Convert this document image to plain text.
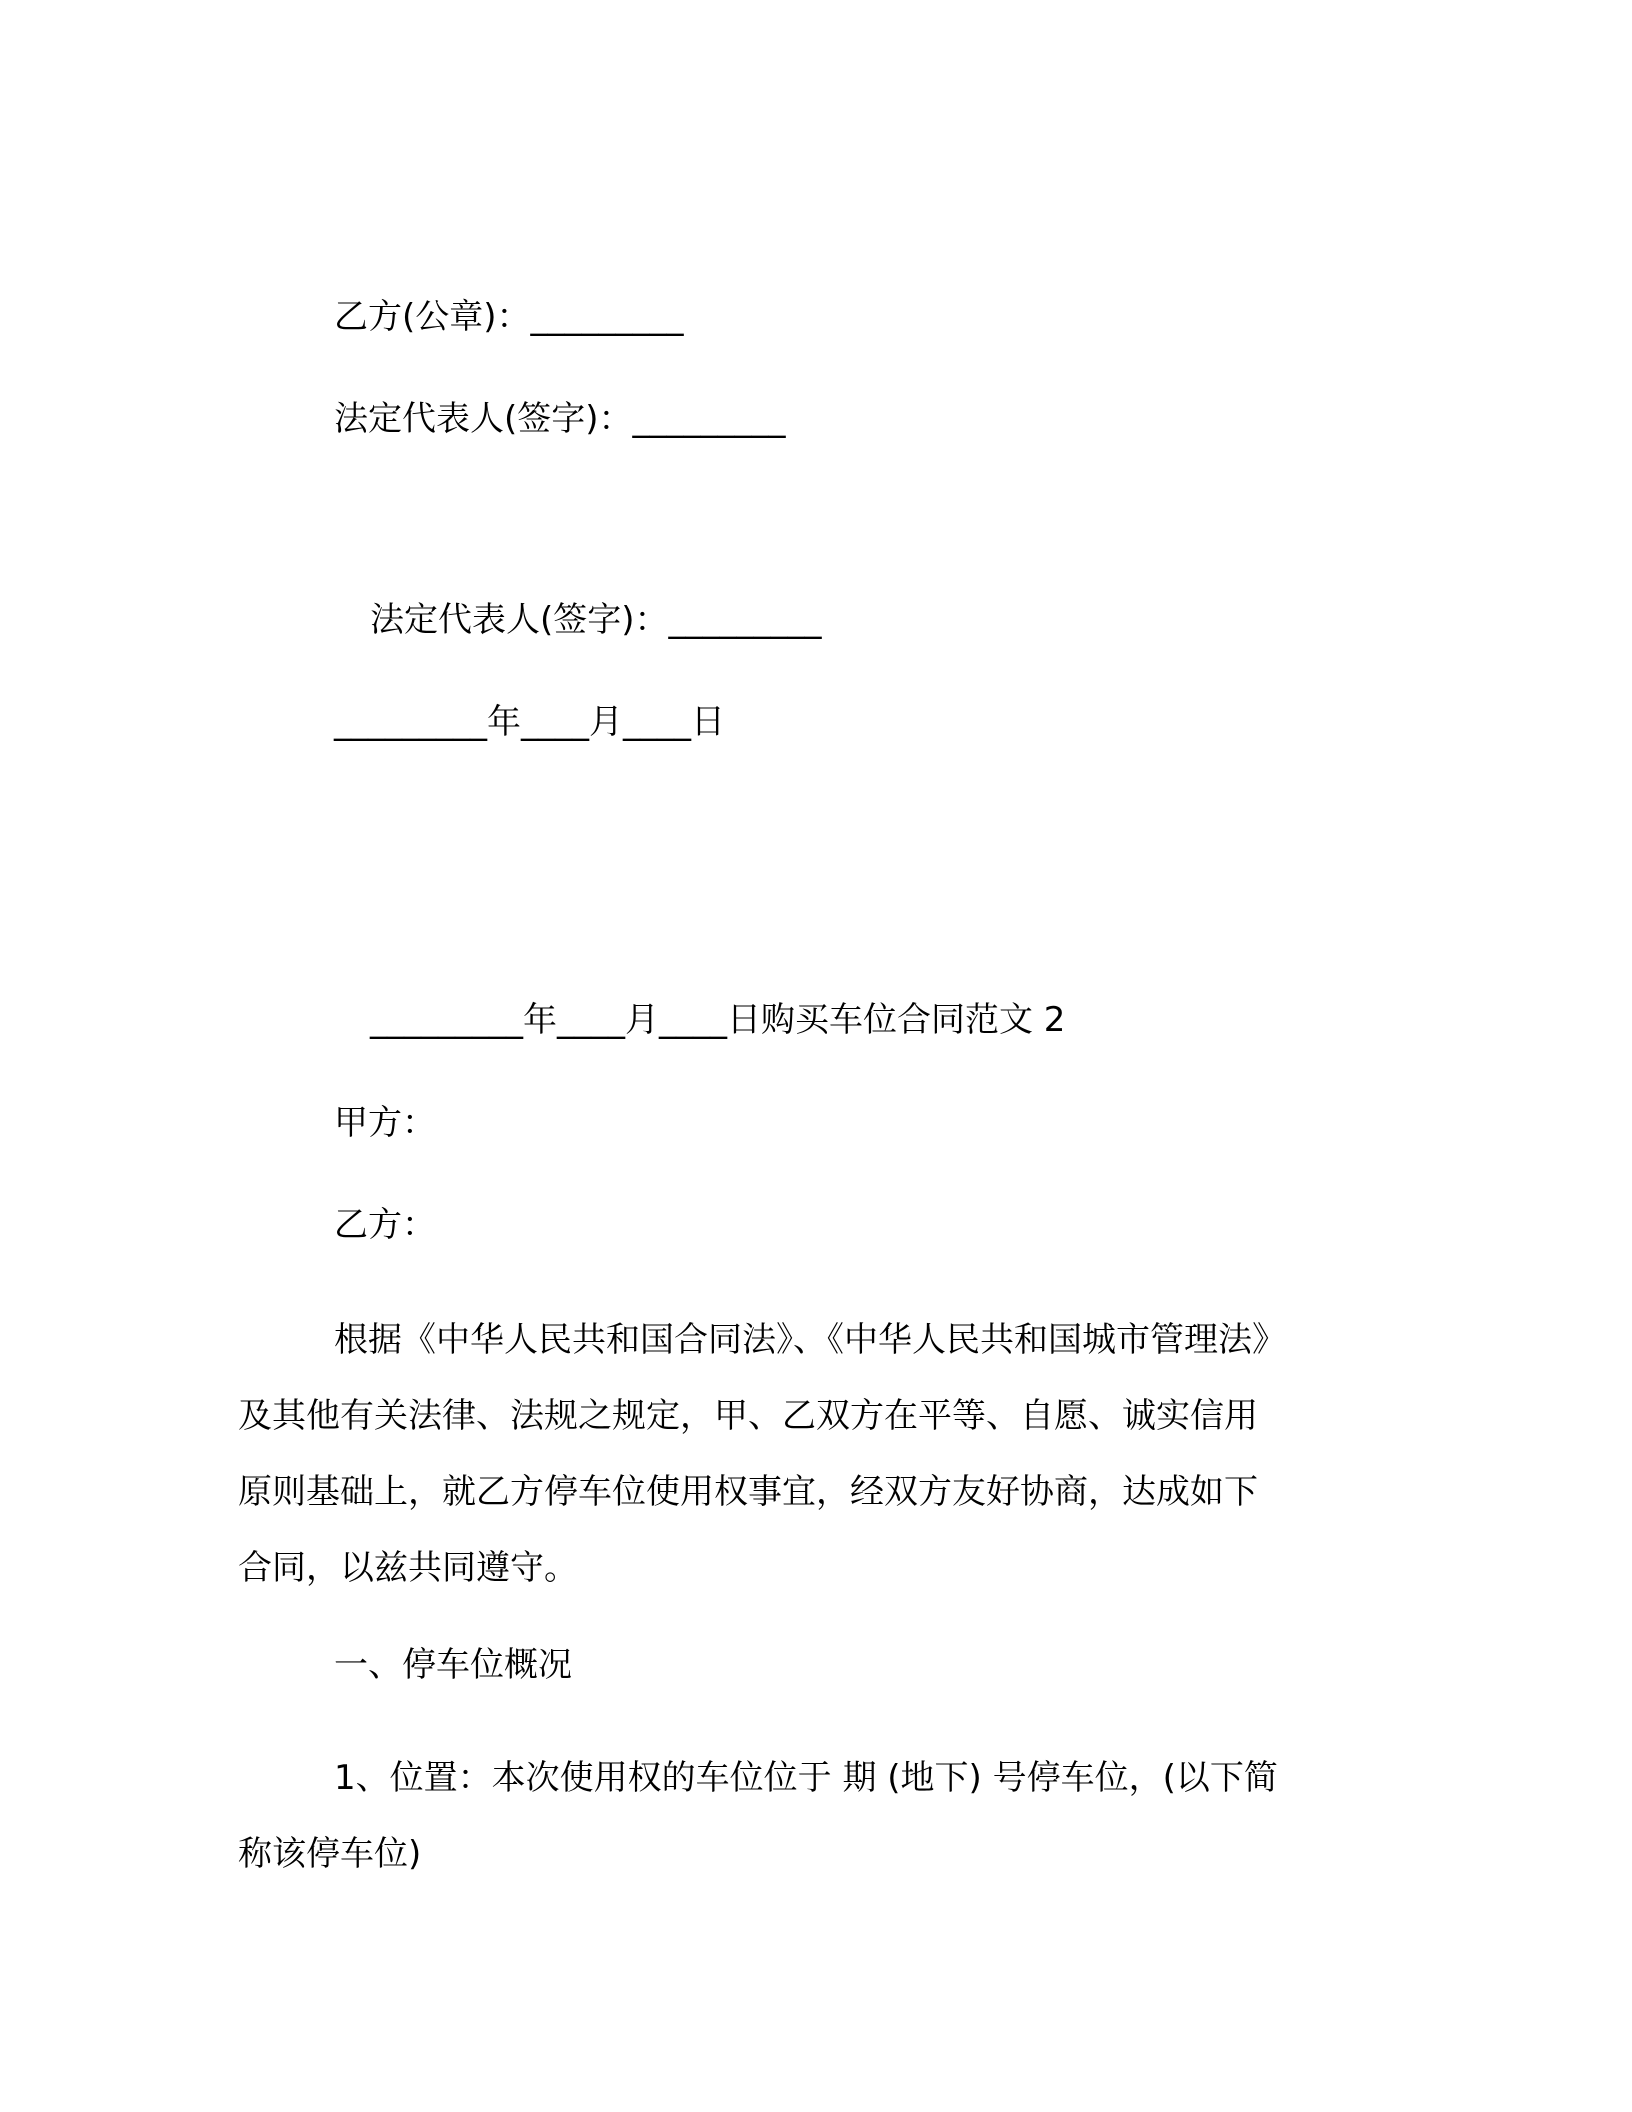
乙方(公章)：_________
法定代表人(签字)：_________
法定代表人(签字)：_________
_________年____月____日
_________年____月____日购买车位合同范文 2
甲方：
乙方：
根据《中华人民共和国合同法》、《中华人民共和国城市管理法》
及其他有关法律、法规之规定，甲、乙双方在平等、自愿、诚实信用
原则基础上，就乙方停车位使用权事宜，经双方友好协商，达成如下
合同，以兹共同遵守。
一、停车位概况
1、位置：本次使用权的车位位于 期 (地下) 号停车位，(以下简
称该停车位)
